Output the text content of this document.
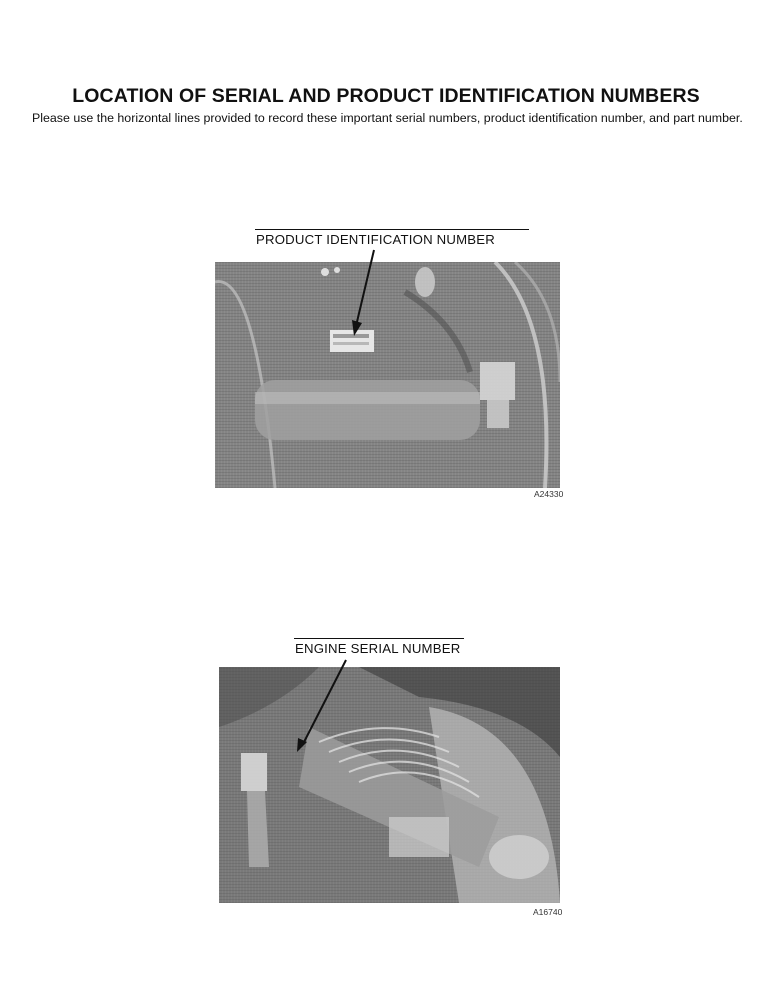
LOCATION OF SERIAL AND PRODUCT IDENTIFICATION NUMBERS
Please use the horizontal lines provided to record these important serial numbers, product identification number, and part number.
PRODUCT IDENTIFICATION NUMBER
A24330
ENGINE SERIAL NUMBER
A16740
